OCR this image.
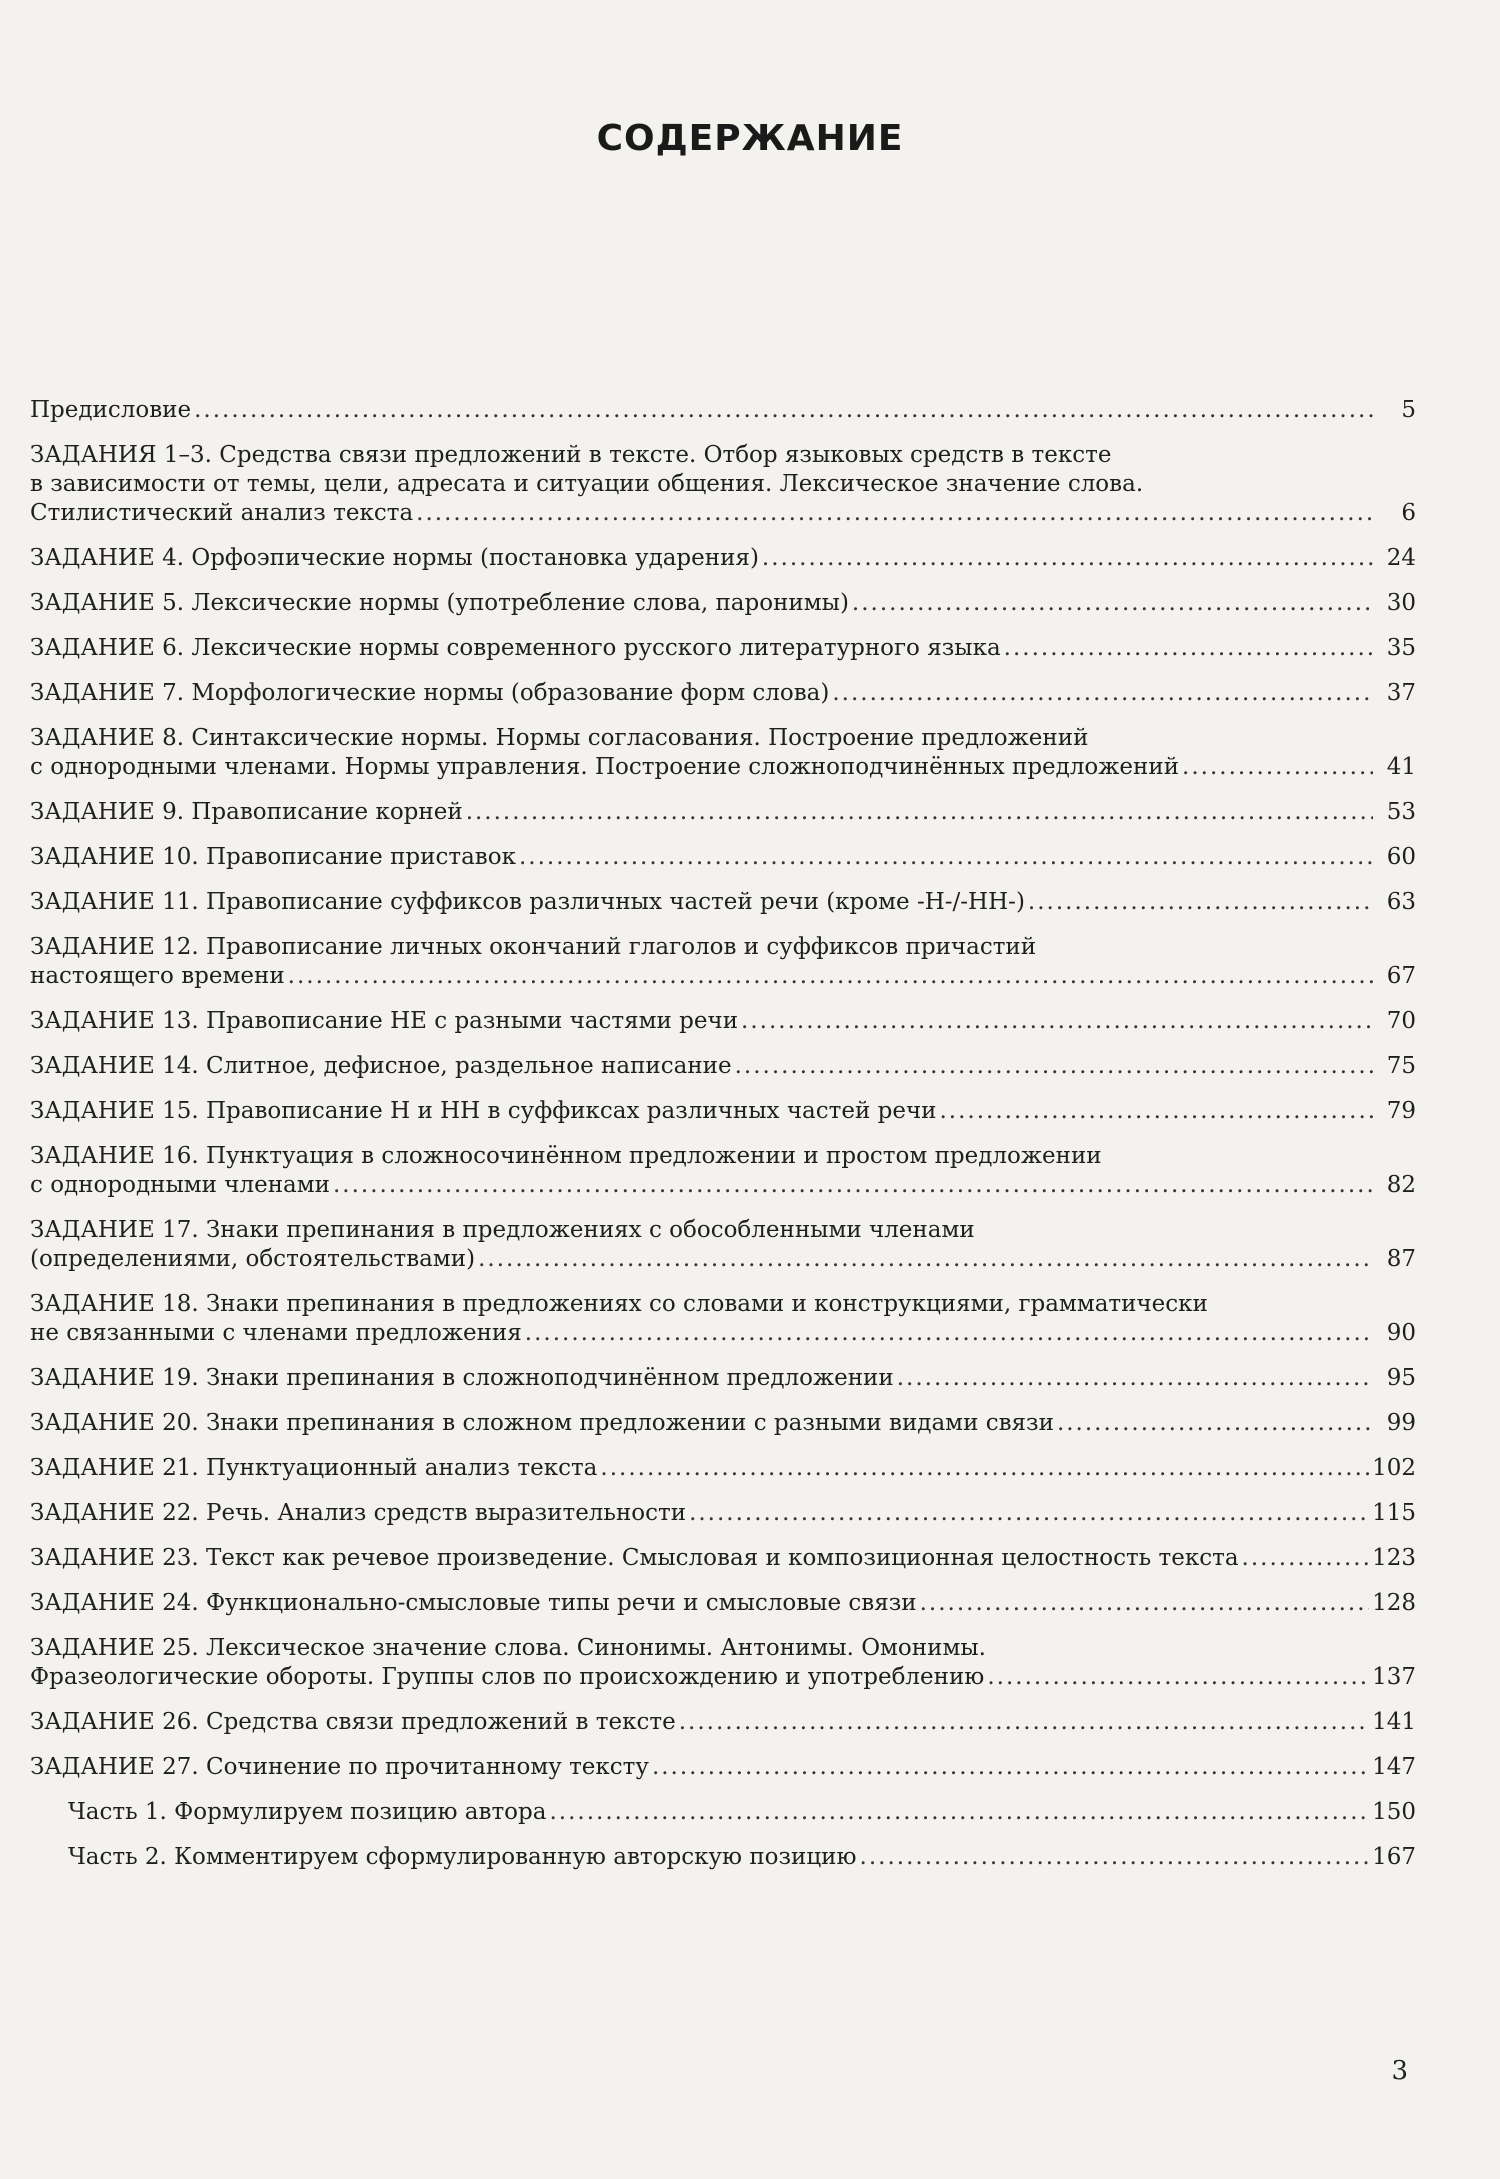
СОДЕРЖАНИЕ
Предисловие .....	5
ЗАДАНИЯ 1–3. Средства связи предложений в тексте. Отбор языковых средств в тексте
в зависимости от темы, цели, адресата и ситуации общения. Лексическое значение слова.
Стилистический анализ текста .....	6
ЗАДАНИЕ 4. Орфоэпические нормы (постановка ударения) .....	24
ЗАДАНИЕ 5. Лексические нормы (употребление слова, паронимы) .....	30
ЗАДАНИЕ 6. Лексические нормы современного русского литературного языка .....	35
ЗАДАНИЕ 7. Морфологические нормы (образование форм слова) .....	37
ЗАДАНИЕ 8. Синтаксические нормы. Нормы согласования. Построение предложений
с однородными членами. Нормы управления. Построение сложноподчинённых предложений .....	41
ЗАДАНИЕ 9. Правописание корней .....	53
ЗАДАНИЕ 10. Правописание приставок .....	60
ЗАДАНИЕ 11. Правописание суффиксов различных частей речи (кроме -Н-/-НН-) .....	63
ЗАДАНИЕ 12. Правописание личных окончаний глаголов и суффиксов причастий
настоящего времени .....	67
ЗАДАНИЕ 13. Правописание НЕ с разными частями речи .....	70
ЗАДАНИЕ 14. Слитное, дефисное, раздельное написание .....	75
ЗАДАНИЕ 15. Правописание Н и НН в суффиксах различных частей речи .....	79
ЗАДАНИЕ 16. Пунктуация в сложносочинённом предложении и простом предложении
с однородными членами .....	82
ЗАДАНИЕ 17. Знаки препинания в предложениях с обособленными членами
(определениями, обстоятельствами) .....	87
ЗАДАНИЕ 18. Знаки препинания в предложениях со словами и конструкциями, грамматически
не связанными с членами предложения .....	90
ЗАДАНИЕ 19. Знаки препинания в сложноподчинённом предложении .....	95
ЗАДАНИЕ 20. Знаки препинания в сложном предложении с разными видами связи .....	99
ЗАДАНИЕ 21. Пунктуационный анализ текста .....	102
ЗАДАНИЕ 22. Речь. Анализ средств выразительности .....	115
ЗАДАНИЕ 23. Текст как речевое произведение. Смысловая и композиционная целостность текста .....	123
ЗАДАНИЕ 24. Функционально-смысловые типы речи и смысловые связи .....	128
ЗАДАНИЕ 25. Лексическое значение слова. Синонимы. Антонимы. Омонимы.
Фразеологические обороты. Группы слов по происхождению и употреблению .....	137
ЗАДАНИЕ 26. Средства связи предложений в тексте .....	141
ЗАДАНИЕ 27. Сочинение по прочитанному тексту .....	147
Часть 1. Формулируем позицию автора .....	150
Часть 2. Комментируем сформулированную авторскую позицию .....	167
3
